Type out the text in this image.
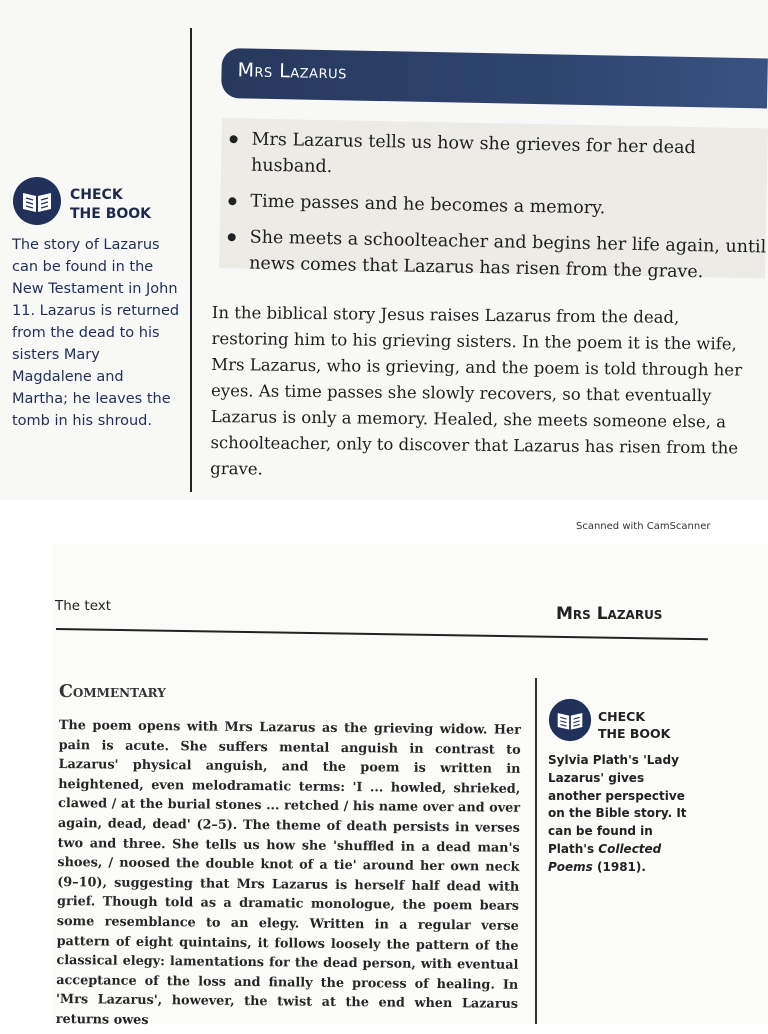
CHECK
THE BOOK
The story of Lazarus can be found in the New Testament in John 11. Lazarus is returned from the dead to his sisters Mary Magdalene and Martha; he leaves the tomb in his shroud.
Mrs Lazarus
Mrs Lazarus tells us how she grieves for her dead husband.
Time passes and he becomes a memory.
She meets a schoolteacher and begins her life again, until news comes that Lazarus has risen from the grave.
In the biblical story Jesus raises Lazarus from the dead, restoring him to his grieving sisters. In the poem it is the wife, Mrs Lazarus, who is grieving, and the poem is told through her eyes. As time passes she slowly recovers, so that eventually Lazarus is only a memory. Healed, she meets someone else, a schoolteacher, only to discover that Lazarus has risen from the grave.
Scanned with CamScanner
The text	Mrs Lazarus
Commentary
The poem opens with Mrs Lazarus as the grieving widow. Her pain is acute. She suffers mental anguish in contrast to Lazarus' physical anguish, and the poem is written in heightened, even melodramatic terms: 'I ... howled, shrieked, clawed / at the burial stones ... retched / his name over and over again, dead, dead' (2–5). The theme of death persists in verses two and three. She tells us how she 'shuffled in a dead man's shoes, / noosed the double knot of a tie' around her own neck (9–10), suggesting that Mrs Lazarus is herself half dead with grief. Though told as a dramatic monologue, the poem bears some resemblance to an elegy. Written in a regular verse pattern of eight quintains, it follows loosely the pattern of the classical elegy: lamentations for the dead person, with eventual acceptance of the loss and finally the process of healing. In 'Mrs Lazarus', however, the twist at the end when Lazarus returns owes
CHECK
THE BOOK
Sylvia Plath's 'Lady Lazarus' gives another perspective on the Bible story. It can be found in Plath's Collected Poems (1981).
